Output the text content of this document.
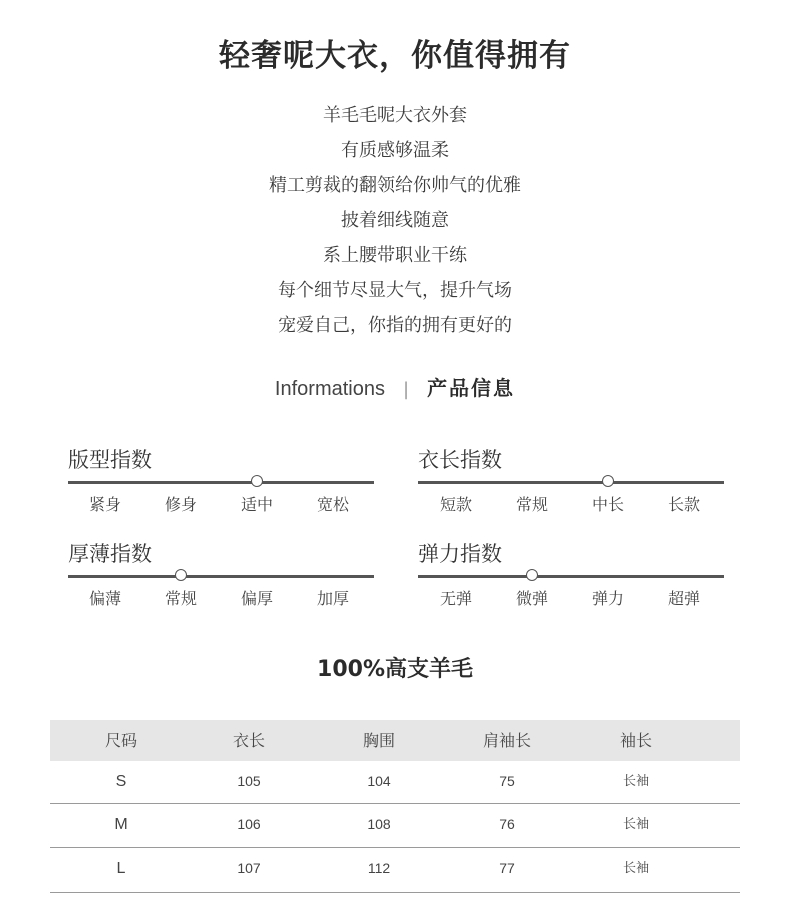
轻奢呢大衣，你值得拥有
羊毛毛呢大衣外套
有质感够温柔
精工剪裁的翻领给你帅气的优雅
披着细线随意
系上腰带职业干练
每个细节尽显大气，提升气场
宠爱自己，你指的拥有更好的
Informations | 产品信息
版型指数
紧身	修身	适中	宽松
衣长指数
短款	常规	中长	长款
厚薄指数
偏薄	常规	偏厚	加厚
弹力指数
无弹	微弹	弹力	超弹
100%高支羊毛
尺码	衣长	胸围	肩袖长	袖长
S	105	104	75	长袖
M	106	108	76	长袖
L	107	112	77	长袖
